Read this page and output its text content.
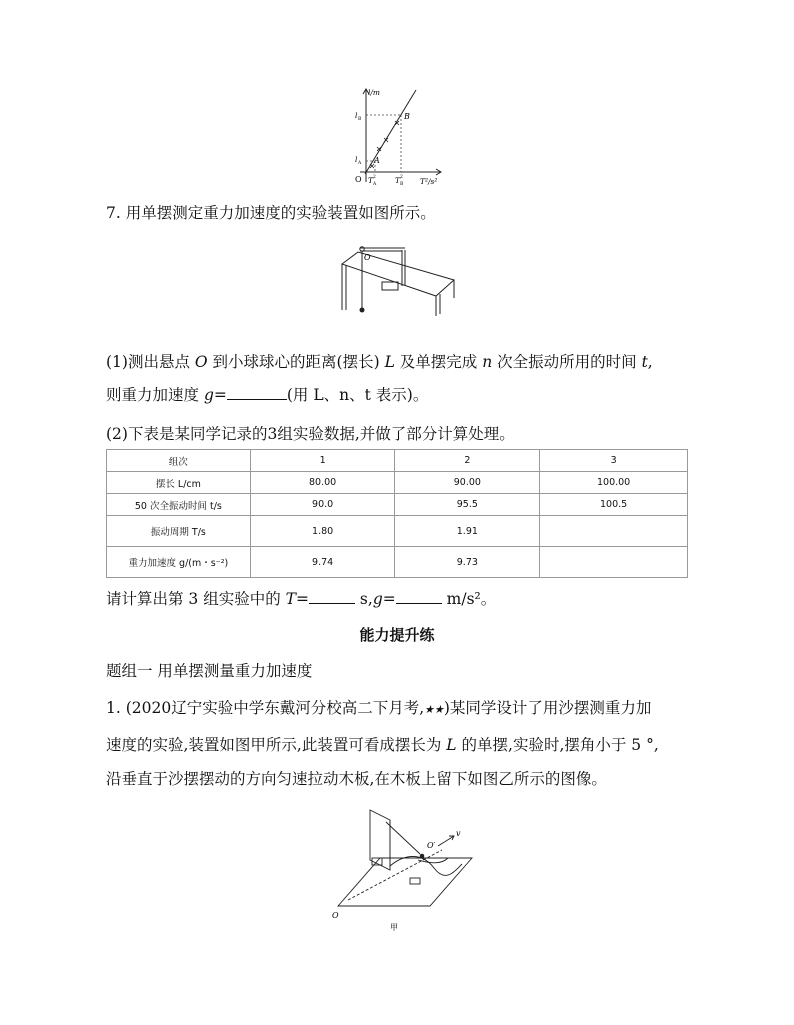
l/m
T²/s²
O
A
B
l A
l B
T A
2	T B
2
7. 用单摆测定重力加速度的实验装置如图所示。
O
(1)测出悬点 O 到小球球心的距离(摆长) L 及单摆完成 n 次全振动所用的时间 t,
则重力加速度 g=	(用 L、n、t 表示)。
(2)下表是某同学记录的3组实验数据,并做了部分计算处理。
组次	1	2	3
摆长 L/cm	80.00	90.00	100.00
50 次全振动时间 t/s	90.0	95.5	100.5
振动周期 T/s	1.80	1.91	
重力加速度 g/(m・s⁻²)	9.74	9.73	
请计算出第 3 组实验中的 T=	s,g=	m/s²。
能力提升练
题组一 用单摆测量重力加速度
1. (2020辽宁实验中学东戴河分校高二下月考,★★)某同学设计了用沙摆测重力加
速度的实验,装置如图甲所示,此装置可看成摆长为 L 的单摆,实验时,摆角小于 5 °,
沿垂直于沙摆摆动的方向匀速拉动木板,在木板上留下如图乙所示的图像。
O
O′
v
甲
